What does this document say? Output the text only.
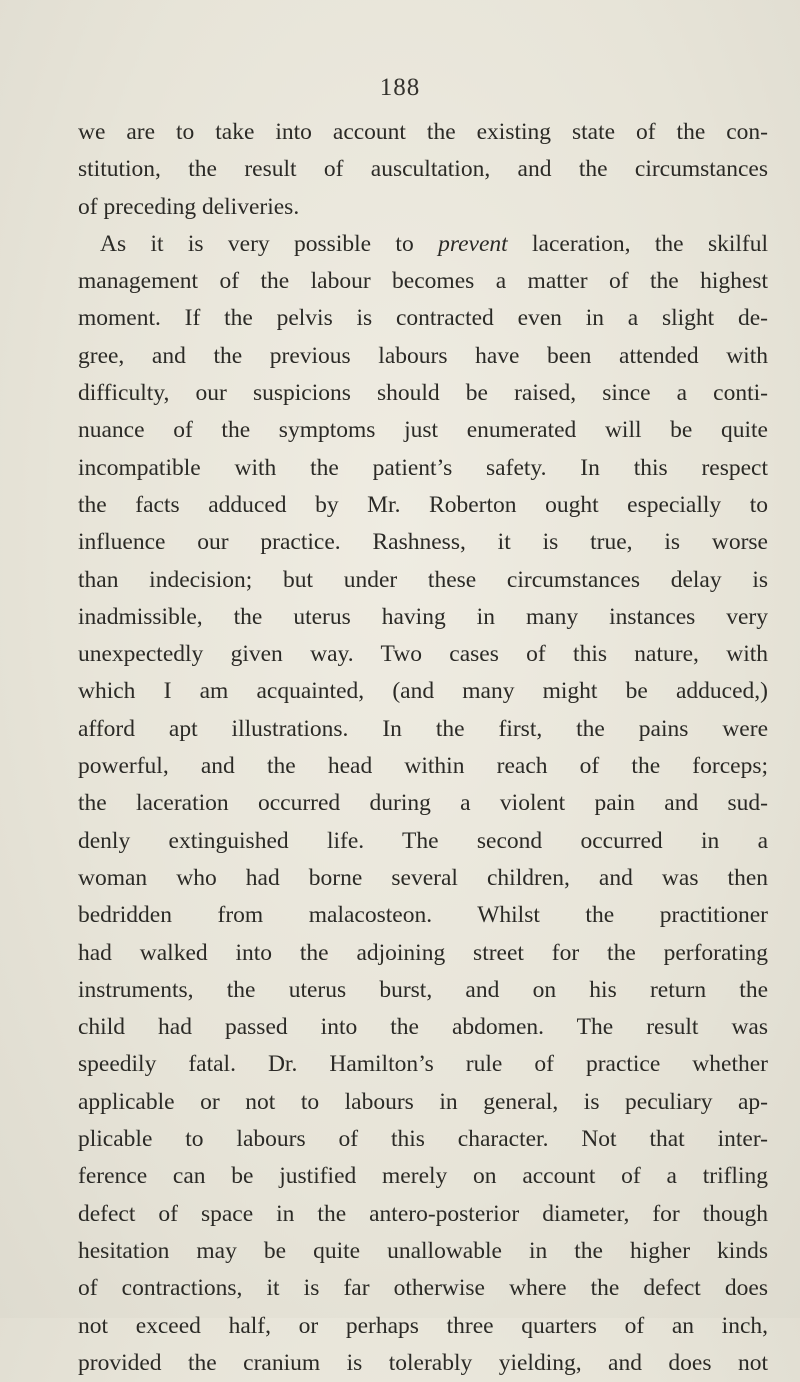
188
we are to take into account the existing state of the con-
stitution, the result of auscultation, and the circumstances
of preceding deliveries.
As it is very possible to prevent laceration, the skilful
management of the labour becomes a matter of the highest
moment. If the pelvis is contracted even in a slight de-
gree, and the previous labours have been attended with
difficulty, our suspicions should be raised, since a conti-
nuance of the symptoms just enumerated will be quite
incompatible with the patient’s safety. In this respect
the facts adduced by Mr. Roberton ought especially to
influence our practice. Rashness, it is true, is worse
than indecision; but under these circumstances delay is
inadmissible, the uterus having in many instances very
unexpectedly given way. Two cases of this nature, with
which I am acquainted, (and many might be adduced,)
afford apt illustrations. In the first, the pains were
powerful, and the head within reach of the forceps;
the laceration occurred during a violent pain and sud-
denly extinguished life. The second occurred in a
woman who had borne several children, and was then
bedridden from malacosteon. Whilst the practitioner
had walked into the adjoining street for the perforating
instruments, the uterus burst, and on his return the
child had passed into the abdomen. The result was
speedily fatal. Dr. Hamilton’s rule of practice whether
applicable or not to labours in general, is peculiary ap-
plicable to labours of this character. Not that inter-
ference can be justified merely on account of a trifling
defect of space in the antero-posterior diameter, for though
hesitation may be quite unallowable in the higher kinds
of contractions, it is far otherwise where the defect does
not exceed half, or perhaps three quarters of an inch,
provided the cranium is tolerably yielding, and does not
